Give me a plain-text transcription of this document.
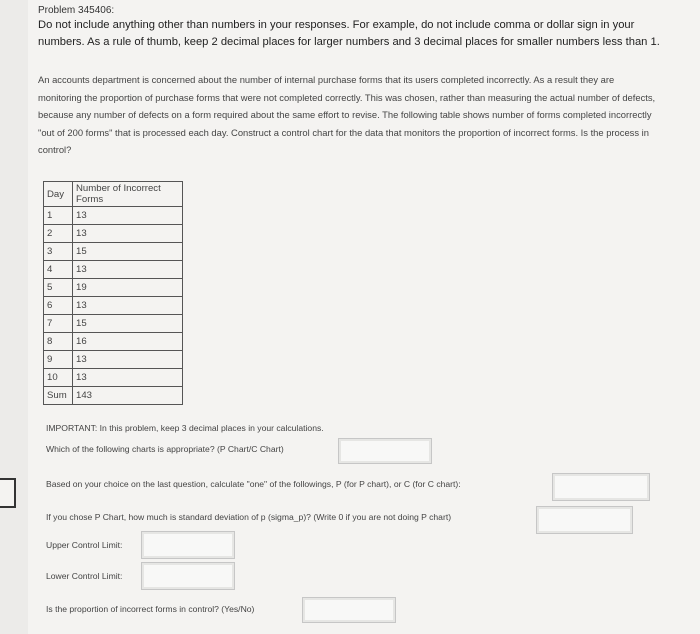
Problem 345406:
Do not include anything other than numbers in your responses. For example, do not include comma or dollar sign in your numbers. As a rule of thumb, keep 2 decimal places for larger numbers and 3 decimal places for smaller numbers less than 1.
An accounts department is concerned about the number of internal purchase forms that its users completed incorrectly. As a result they are monitoring the proportion of purchase forms that were not completed correctly. This was chosen, rather than measuring the actual number of defects, because any number of defects on a form required about the same effort to revise. The following table shows number of forms completed incorrectly "out of 200 forms" that is processed each day. Construct a control chart for the data that monitors the proportion of incorrect forms. Is the process in control?
Day	Number of Incorrect Forms
1	13
2	13
3	15
4	13
5	19
6	13
7	15
8	16
9	13
10	13
Sum	143
IMPORTANT: In this problem, keep 3 decimal places in your calculations.
Which of the following charts is appropriate? (P Chart/C Chart)
Based on your choice on the last question, calculate "one" of the followings, P (for P chart), or C (for C chart):
If you chose P Chart, how much is standard deviation of p (sigma_p)? (Write 0 if you are not doing P chart)
Upper Control Limit:
Lower Control Limit:
Is the proportion of incorrect forms in control? (Yes/No)
